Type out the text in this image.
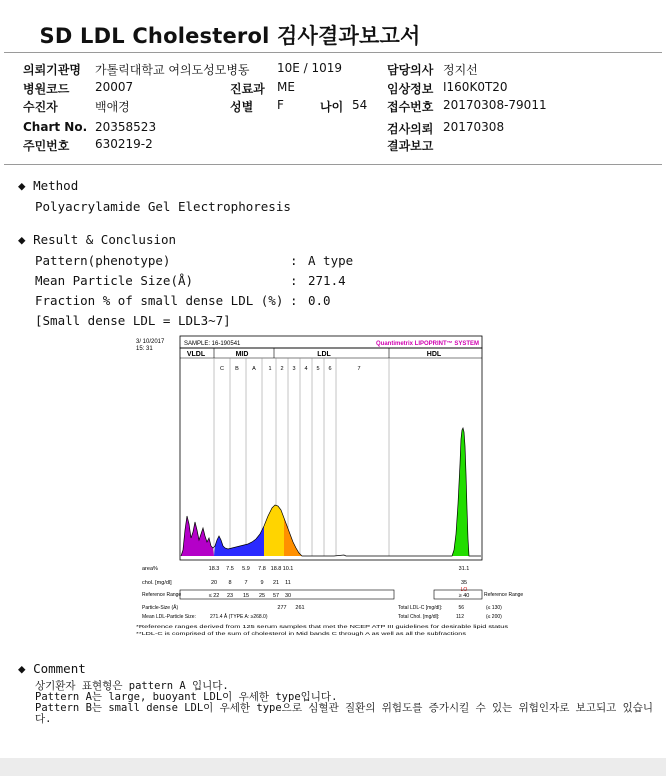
SD LDL Cholesterol 검사결과보고서
의뢰기관명 가톨릭대학교 여의도성모병동 10E / 1019	담당의사 정지선
병원코드 20007	진료과 ME	임상정보 I160K0T20
수진자	백애경	성별 F	나이 54 접수번호 20170308-79011
Chart No. 20358523	검사의뢰 20170308
주민번호 630219-2	결과보고
◆ Method
Polyacrylamide Gel Electrophoresis
◆ Result & Conclusion
Pattern(phenotype)	: A type
Mean Particle Size(Å)	: 271.4
Fraction % of small dense LDL (%) : 0.0
[Small dense LDL = LDL3~7]
3/ 10/2017
15: 31
SAMPLE: 16-190541	Quantimetrix LIPOPRINT™ SYSTEM
VLDL	MID	LDL	HDL
C B A 1 2 3 4 5 6	7
area%	18.3 7.5 5.9 7.8 18.8 10.1	31.1
chol. [mg/dl]	20 8 7 9 21 11	35
LO
Reference Range	Reference Range
≤ 22 23 15 25 57 30	≥ 40
Particle-Size (Å)	277 261
Mean LDL-Particle Size:	271.4 Å (TYPE A: ≥268.0)
Total LDL-C [mg/dl]:	56	(≤ 130)
Total Chol. [mg/dl]:	112	(≤ 200)
*Reference ranges derived from 125 serum samples that met the NCEP ATP III guidelines for desirable lipid status
**LDL-C is comprised of the sum of cholesterol in Mid bands C through A as well as all the subfractions
◆ Comment
상기환자 표현형은 pattern A 입니다.
Pattern A는 large, buoyant LDL이 우세한 type입니다.
Pattern B는 small dense LDL이 우세한 type으로 심혈관 질환의 위험도를 증가시킬 수 있는 위험인자로 보고되고 있습니다.
